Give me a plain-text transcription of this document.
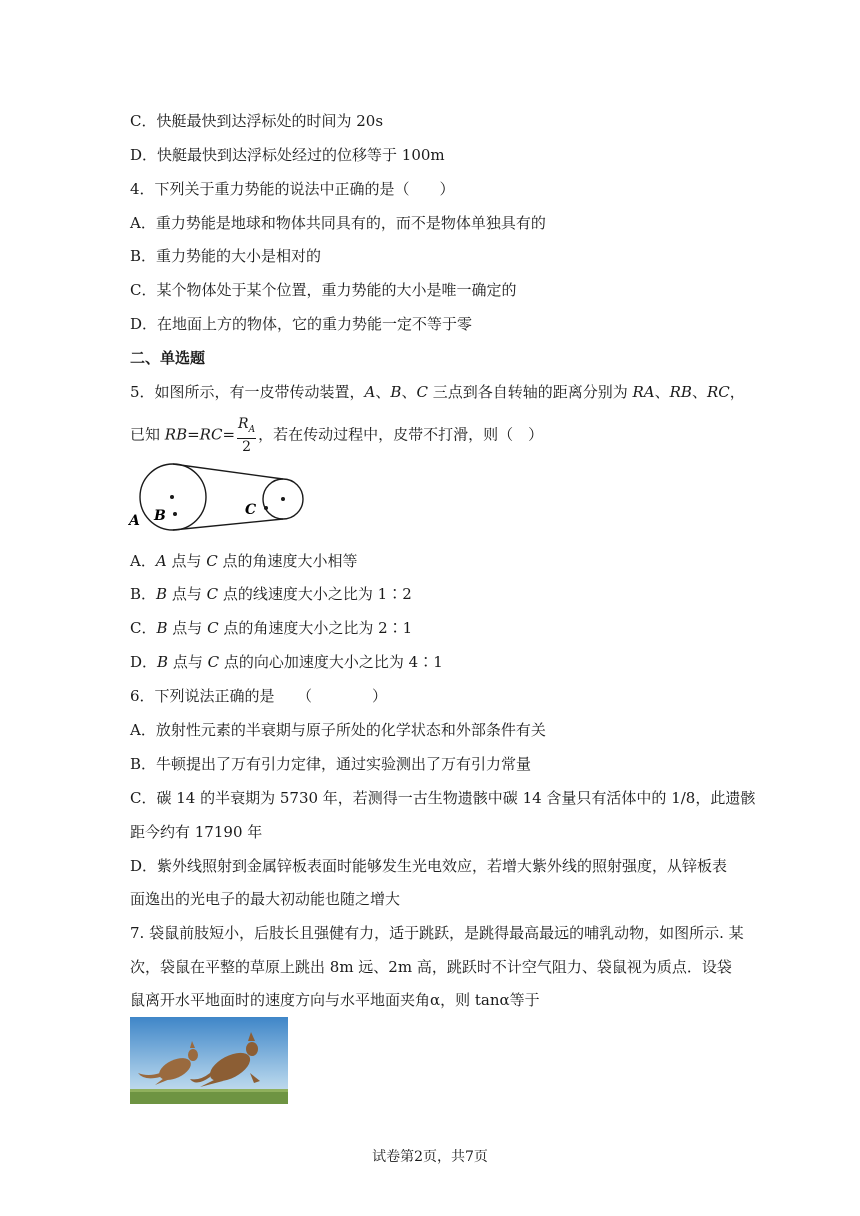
C．快艇最快到达浮标处的时间为 20s
D．快艇最快到达浮标处经过的位移等于 100m
4．下列关于重力势能的说法中正确的是（　　）
A．重力势能是地球和物体共同具有的，而不是物体单独具有的
B．重力势能的大小是相对的
C．某个物体处于某个位置，重力势能的大小是唯一确定的
D．在地面上方的物体，它的重力势能一定不等于零
二、单选题
5．如图所示，有一皮带传动装置，A、B、C 三点到各自转轴的距离分别为 RA、RB、RC，
已知 $RB=RC= \frac{R_A}{2}$ ，若在传动过程中，皮带不打滑，则（　）
A B	C
A．A 点与 C 点的角速度大小相等
B．B 点与 C 点的线速度大小之比为 1∶2
C．B 点与 C 点的角速度大小之比为 2∶1
D．B 点与 C 点的向心加速度大小之比为 4∶1
6．下列说法正确的是　　（　　　　）
A．放射性元素的半衰期与原子所处的化学状态和外部条件有关
B．牛顿提出了万有引力定律，通过实验测出了万有引力常量
C．碳 14 的半衰期为 5730 年，若测得一古生物遗骸中碳 14 含量只有活体中的 1/8，此遗骸
距今约有 17190 年
D．紫外线照射到金属锌板表面时能够发生光电效应，若增大紫外线的照射强度，从锌板表
面逸出的光电子的最大初动能也随之增大
7. 袋鼠前肢短小，后肢长且强健有力，适于跳跃，是跳得最高最远的哺乳动物，如图所示. 某
次，袋鼠在平整的草原上跳出 8m 远、2m 高，跳跃时不计空气阻力、袋鼠视为质点．设袋
鼠离开水平地面时的速度方向与水平地面夹角α，则 tanα等于
试卷第2页，共7页
